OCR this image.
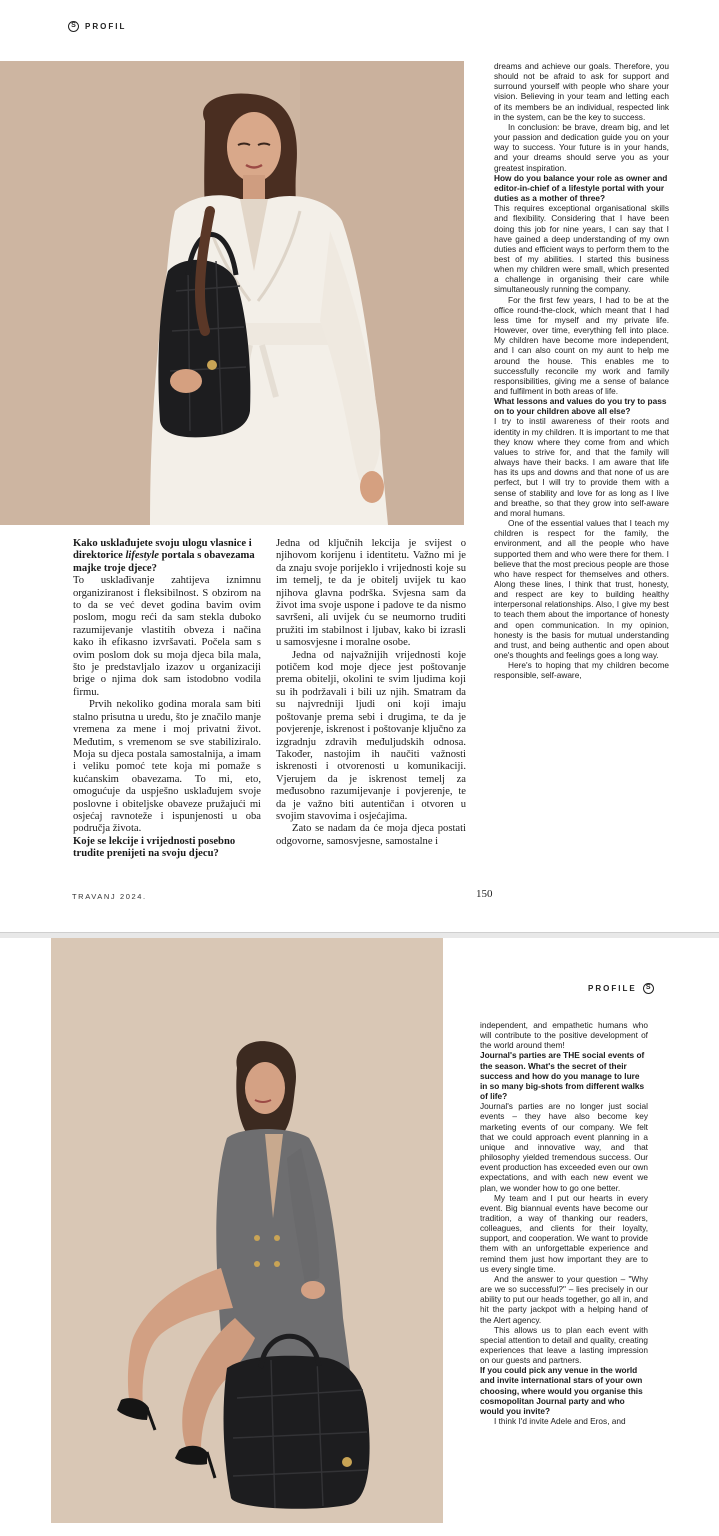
S	PROFIL

Kako usklađujete svoju ulogu vlasnice i direktorice lifestyle portala s obavezama majke troje djece?

To usklađivanje zahtijeva iznimnu organiziranost i fleksibilnost. S obzirom na to da se već devet godina bavim ovim poslom, mogu reći da sam stekla duboko razumijevanje vlastitih obveza i načina kako ih efikasno izvršavati. Počela sam s ovim poslom dok su moja djeca bila mala, što je predstavljalo izazov u organizaciji brige o njima dok sam istodobno vodila firmu.

Prvih nekoliko godina morala sam biti stalno prisutna u uredu, što je značilo manje vremena za mene i moj privatni život. Međutim, s vremenom se sve stabiliziralo. Moja su djeca postala samostalnija, a imam i veliku pomoć tete koja mi pomaže s kućanskim obavezama. To mi, eto, omogućuje da uspješno usklađujem svoje poslovne i obiteljske obaveze pružajući mi osjećaj ravnoteže i ispunjenosti u oba područja života.

Koje se lekcije i vrijednosti posebno trudite prenijeti na svoju djecu?

Jedna od ključnih lekcija je svijest o njihovom korijenu i identitetu. Važno mi je da znaju svoje porijeklo i vrijednosti koje su im temelj, te da je obitelj uvijek tu kao njihova glavna podrška. Svjesna sam da život ima svoje uspone i padove te da nismo savršeni, ali uvijek ću se neumorno truditi pružiti im stabilnost i ljubav, kako bi izrasli u samosvjesne i moralne osobe.

Jedna od najvažnijih vrijednosti koje potičem kod moje djece jest poštovanje prema obitelji, okolini te svim ljudima koji su ih podržavali i bili uz njih. Smatram da su najvredniji ljudi oni koji imaju poštovanje prema sebi i drugima, te da je povjerenje, iskrenost i poštovanje ključno za izgradnju zdravih međuljudskih odnosa. Također, nastojim ih naučiti važnosti iskrenosti i otvorenosti u komunikaciji. Vjerujem da je iskrenost temelj za međusobno razumijevanje i povjerenje, te da je važno biti autentičan i otvoren u svojim stavovima i osjećajima.

Zato se nadam da će moja djeca postati odgovorne, samosvjesne, samostalne i

dreams and achieve our goals. Therefore, you should not be afraid to ask for support and surround yourself with people who share your vision. Believing in your team and letting each of its members be an individual, respected link in the system, can be the key to success.

In conclusion: be brave, dream big, and let your passion and dedication guide you on your way to success. Your future is in your hands, and your dreams should serve you as your greatest inspiration.

How do you balance your role as owner and editor-in-chief of a lifestyle portal with your duties as a mother of three?

This requires exceptional organisational skills and flexibility. Considering that I have been doing this job for nine years, I can say that I have gained a deep understanding of my own duties and efficient ways to perform them to the best of my abilities. I started this business when my children were small, which presented a challenge in organising their care while simultaneously running the company.

For the first few years, I had to be at the office round-the-clock, which meant that I had less time for myself and my private life. However, over time, everything fell into place. My children have become more independent, and I can also count on my aunt to help me around the house. This enables me to successfully reconcile my work and family responsibilities, giving me a sense of balance and fulfilment in both areas of life.

What lessons and values do you try to pass on to your children above all else?

I try to instil awareness of their roots and identity in my children. It is important to me that they know where they come from and which values to strive for, and that the family will always have their backs. I am aware that life has its ups and downs and that none of us are perfect, but I will try to provide them with a sense of stability and love for as long as I live and breathe, so that they grow into self-aware and moral humans.

One of the essential values that I teach my children is respect for the family, the environment, and all the people who have supported them and who were there for them. I believe that the most precious people are those who have respect for themselves and others. Along these lines, I think that trust, honesty, and respect are key to building healthy interpersonal relationships. Also, I give my best to teach them about the importance of honesty and open communication. In my opinion, honesty is the basis for mutual understanding and trust, and being authentic and open about one's thoughts and feelings goes a long way.

Here's to hoping that my children become responsible, self-aware,

TRAVANJ 2024.	150
PROFILE	S

independent, and empathetic humans who will contribute to the positive development of the world around them!

Journal's parties are THE social events of the season. What's the secret of their success and how do you manage to lure in so many big-shots from different walks of life?

Journal's parties are no longer just social events – they have also become key marketing events of our company. We felt that we could approach event planning in a unique and innovative way, and that philosophy yielded tremendous success. Our event production has exceeded even our own expectations, and with each new event we plan, we wonder how to go one better.

My team and I put our hearts in every event. Big biannual events have become our tradition, a way of thanking our readers, colleagues, and clients for their loyalty, support, and cooperation. We want to provide them with an unforgettable experience and remind them just how important they are to us every single time.

And the answer to your question – "Why are we so successful?" – lies precisely in our ability to put our heads together, go all in, and hit the party jackpot with a helping hand of the Alert agency.

This allows us to plan each event with special attention to detail and quality, creating experiences that leave a lasting impression on our guests and partners.

If you could pick any venue in the world and invite international stars of your own choosing, where would you organise this cosmopolitan Journal party and who would you invite?

I think I'd invite Adele and Eros, and
